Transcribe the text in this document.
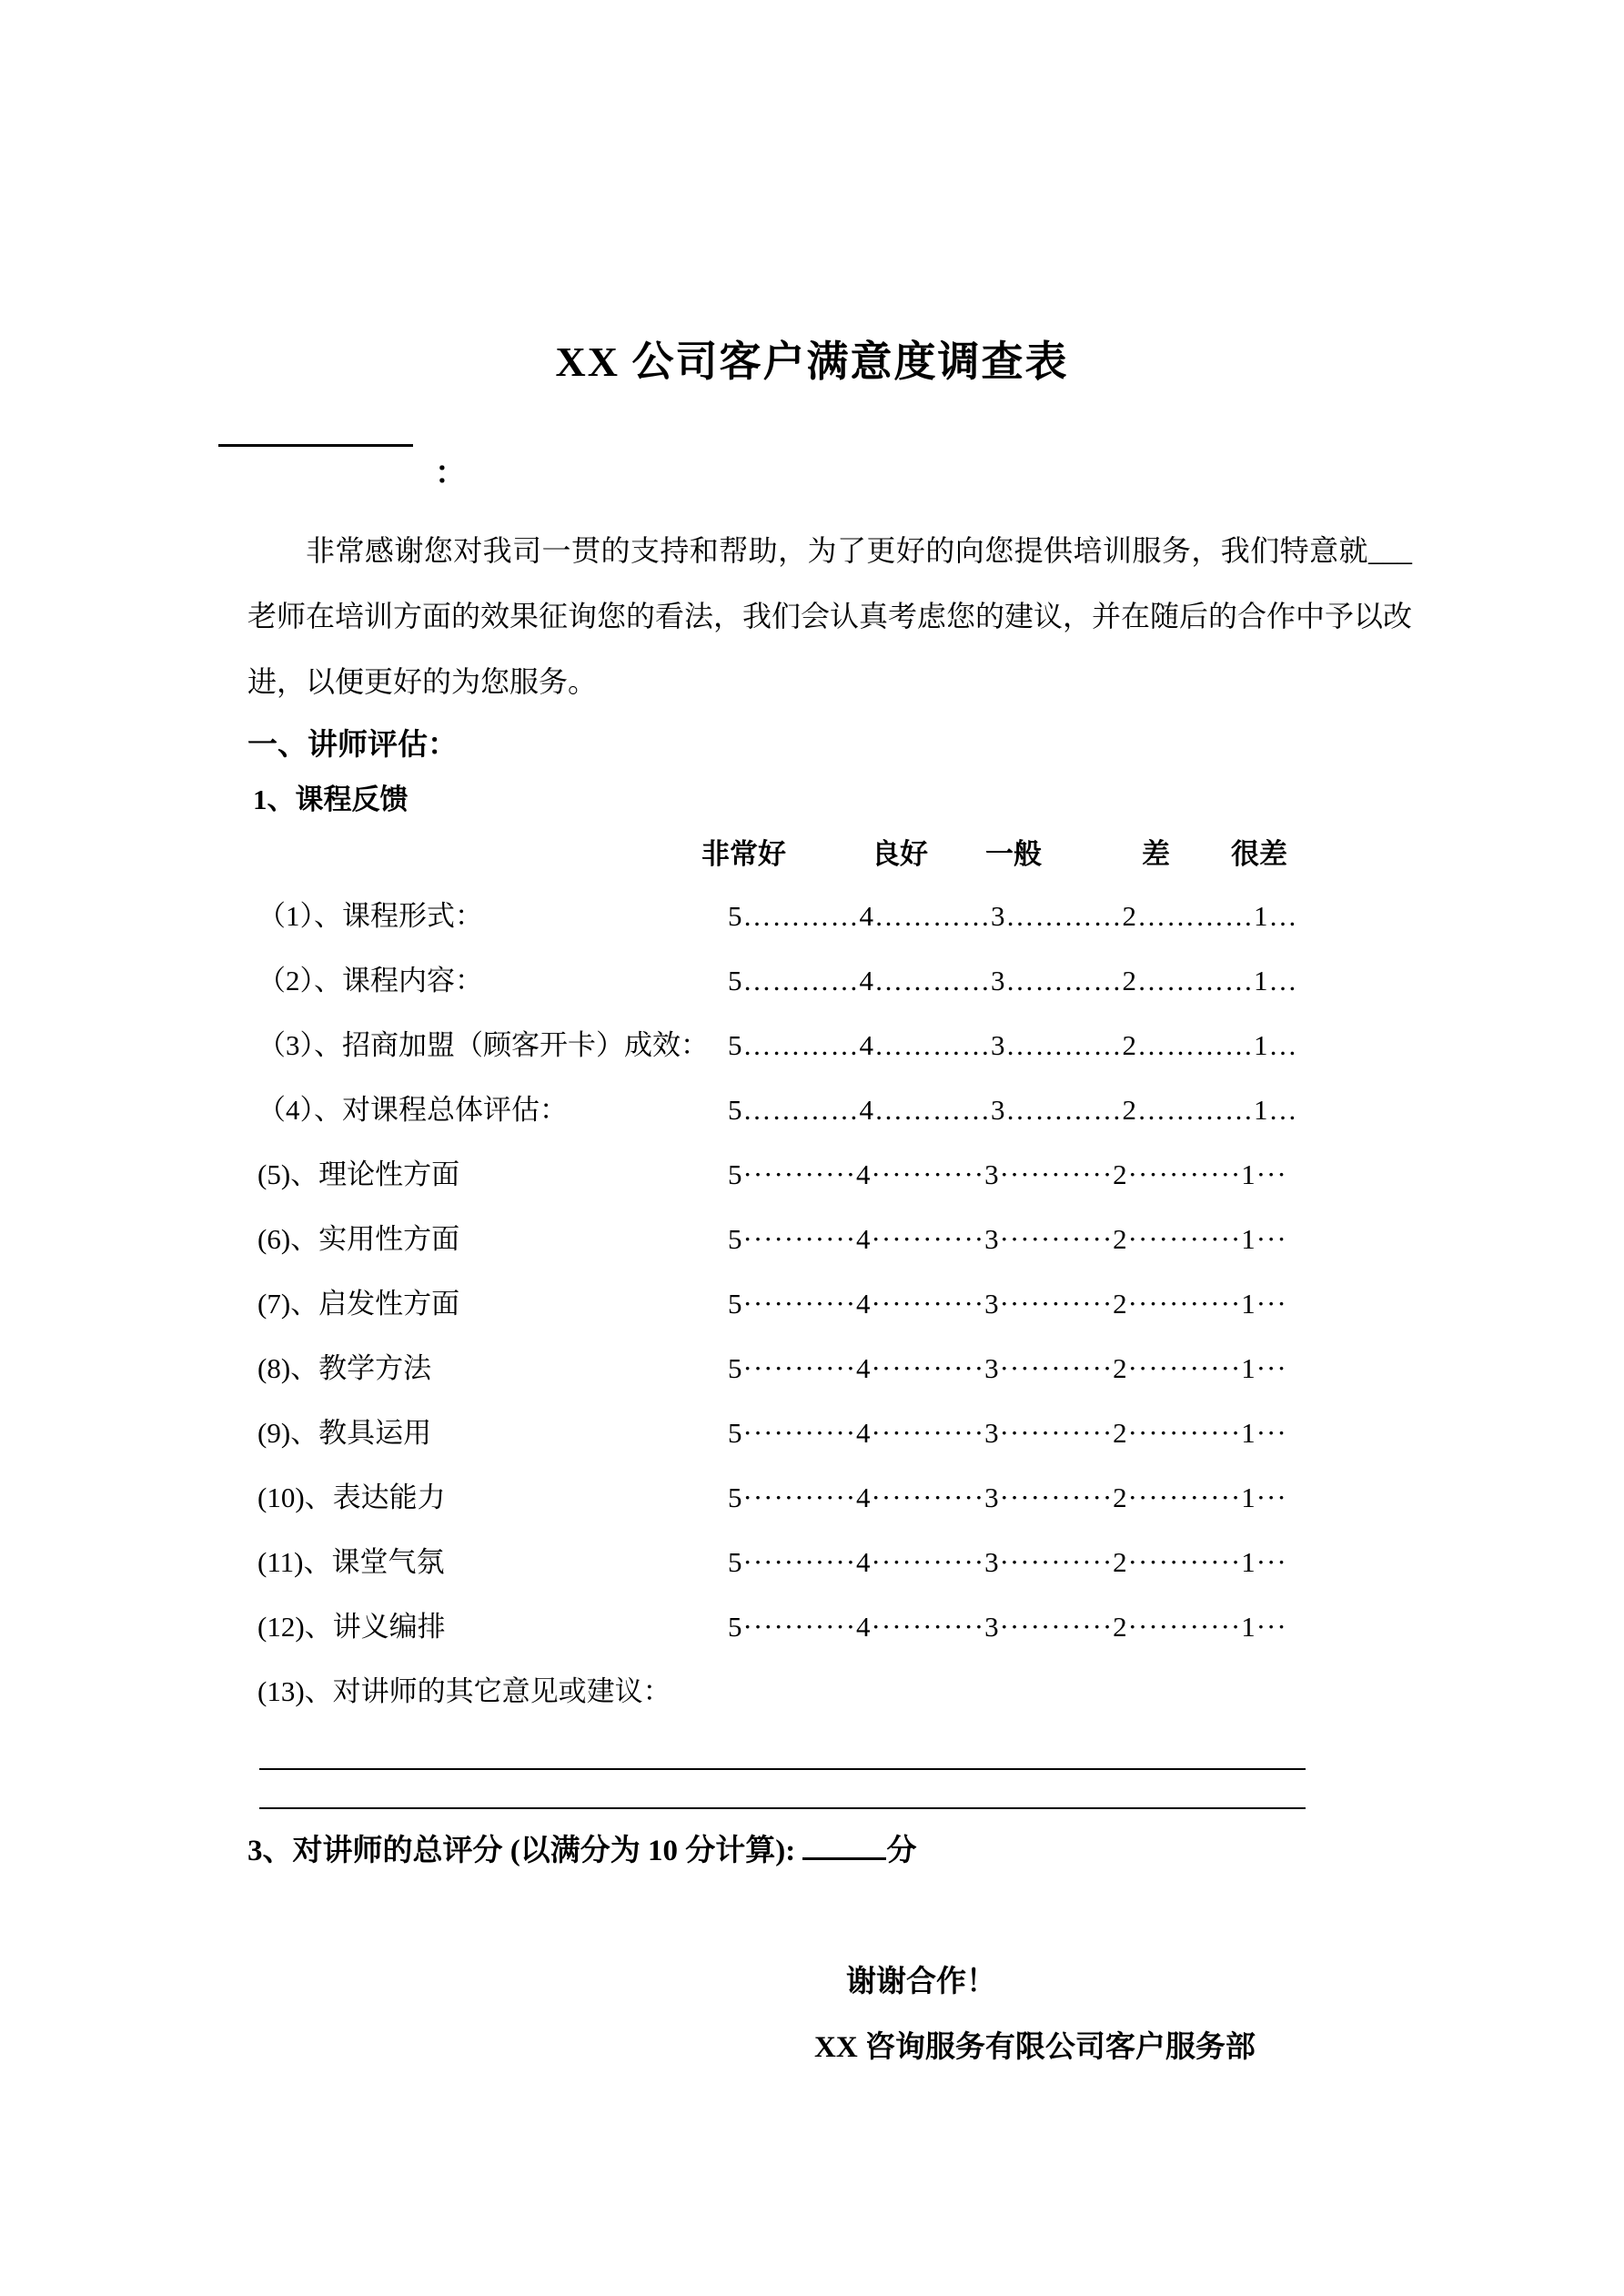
XX 公司客户满意度调查表
：

非常感谢您对我司一贯的支持和帮助，为了更好的向您提供培训服务，我们特意就___老师在培训方面的效果征询您的看法，我们会认真考虑您的建议，并在随后的合作中予以改进，以便更好的为您服务。

一、讲师评估：
1、课程反馈
非常好	良好 一般	差 很差
（1）、课程形式：	5…………4…………3…………2…………1…
（2）、课程内容：	5…………4…………3…………2…………1…
（3）、招商加盟（顾客开卡）成效： 5…………4…………3…………2…………1…
（4）、对课程总体评估：	5…………4…………3…………2…………1…
(5)、理论性方面	5···········4···········3···········2···········1···
(6)、实用性方面	5···········4···········3···········2···········1···
(7)、启发性方面	5···········4···········3···········2···········1···
(8)、教学方法	5···········4···········3···········2···········1···
(9)、教具运用	5···········4···········3···········2···········1···
(10)、表达能力	5···········4···········3···········2···········1···
(11)、课堂气氛	5···········4···········3···········2···········1···
(12)、讲义编排	5···········4···········3···········2···········1···
(13)、对讲师的其它意见或建议：
3、对讲师的总评分 (以满分为 10 分计算):	分
谢谢合作！
XX 咨询服务有限公司客户服务部
